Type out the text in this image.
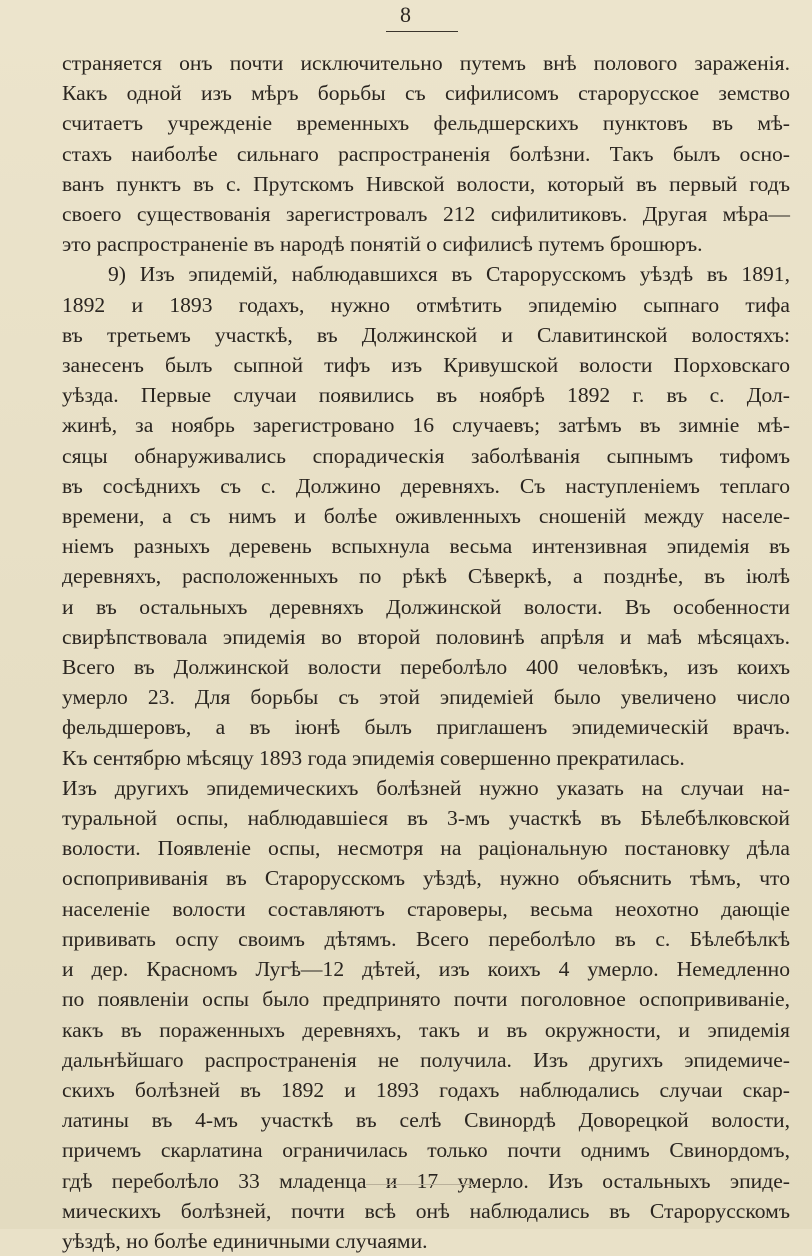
8
страняется онъ почти исключительно путемъ внѣ полового зараженія.
Какъ одной изъ мѣръ борьбы съ сифилисомъ старорусское земство
считаетъ учрежденіе временныхъ фельдшерскихъ пунктовъ въ мѣ-
стахъ наиболѣе сильнаго распространенія болѣзни. Такъ былъ осно-
ванъ пунктъ въ с. Прутскомъ Нивской волости, который въ первый годъ
своего существованія зарегистровалъ 212 сифилитиковъ. Другая мѣра—
это распространеніе въ народѣ понятій о сифилисѣ путемъ брошюръ.
9) Изъ эпидемій, наблюдавшихся въ Старорусскомъ уѣздѣ въ 1891,
1892 и 1893 годахъ, нужно отмѣтить эпидемію сыпнаго тифа
въ третьемъ участкѣ, въ Должинской и Славитинской волостяхъ:
занесенъ былъ сыпной тифъ изъ Кривушской волости Порховскаго
уѣзда. Первые случаи появились въ ноябрѣ 1892 г. въ с. Дол-
жинѣ, за ноябрь зарегистровано 16 случаевъ; затѣмъ въ зимніе мѣ-
сяцы обнаруживались спорадическія заболѣванія сыпнымъ тифомъ
въ сосѣднихъ съ с. Должино деревняхъ. Съ наступленіемъ теплаго
времени, а съ нимъ и болѣе оживленныхъ сношеній между населе-
ніемъ разныхъ деревень вспыхнула весьма интензивная эпидемія въ
деревняхъ, расположенныхъ по рѣкѣ Сѣверкѣ, а позднѣе, въ іюлѣ
и въ остальныхъ деревняхъ Должинской волости. Въ особенности
свирѣпствовала эпидемія во второй половинѣ апрѣля и маѣ мѣсяцахъ.
Всего въ Должинской волости переболѣло 400 человѣкъ, изъ коихъ
умерло 23. Для борьбы съ этой эпидеміей было увеличено число
фельдшеровъ, а въ іюнѣ былъ приглашенъ эпидемическій врачъ.
Къ сентябрю мѣсяцу 1893 года эпидемія совершенно прекратилась.
Изъ другихъ эпидемическихъ болѣзней нужно указать на случаи на-
туральной оспы, наблюдавшіеся въ 3-мъ участкѣ въ Бѣлебѣлковской
волости. Появленіе оспы, несмотря на раціональную постановку дѣла
оспопрививанія въ Старорусскомъ уѣздѣ, нужно объяснить тѣмъ, что
населеніе волости составляютъ староверы, весьма неохотно дающіе
прививать оспу своимъ дѣтямъ. Всего переболѣло въ с. Бѣлебѣлкѣ
и дер. Красномъ Лугѣ—12 дѣтей, изъ коихъ 4 умерло. Немедленно
по появленіи оспы было предпринято почти поголовное оспопрививаніе,
какъ въ пораженныхъ деревняхъ, такъ и въ окружности, и эпидемія
дальнѣйшаго распространенія не получила. Изъ другихъ эпидемиче-
скихъ болѣзней въ 1892 и 1893 годахъ наблюдались случаи скар-
латины въ 4-мъ участкѣ въ селѣ Свинордѣ Доворецкой волости,
причемъ скарлатина ограничилась только почти однимъ Свинордомъ,
гдѣ переболѣло 33 младенца и 17 умерло. Изъ остальныхъ эпиде-
мическихъ болѣзней, почти всѣ онѣ наблюдались въ Старорусскомъ
уѣздѣ, но болѣе единичными случаями.
